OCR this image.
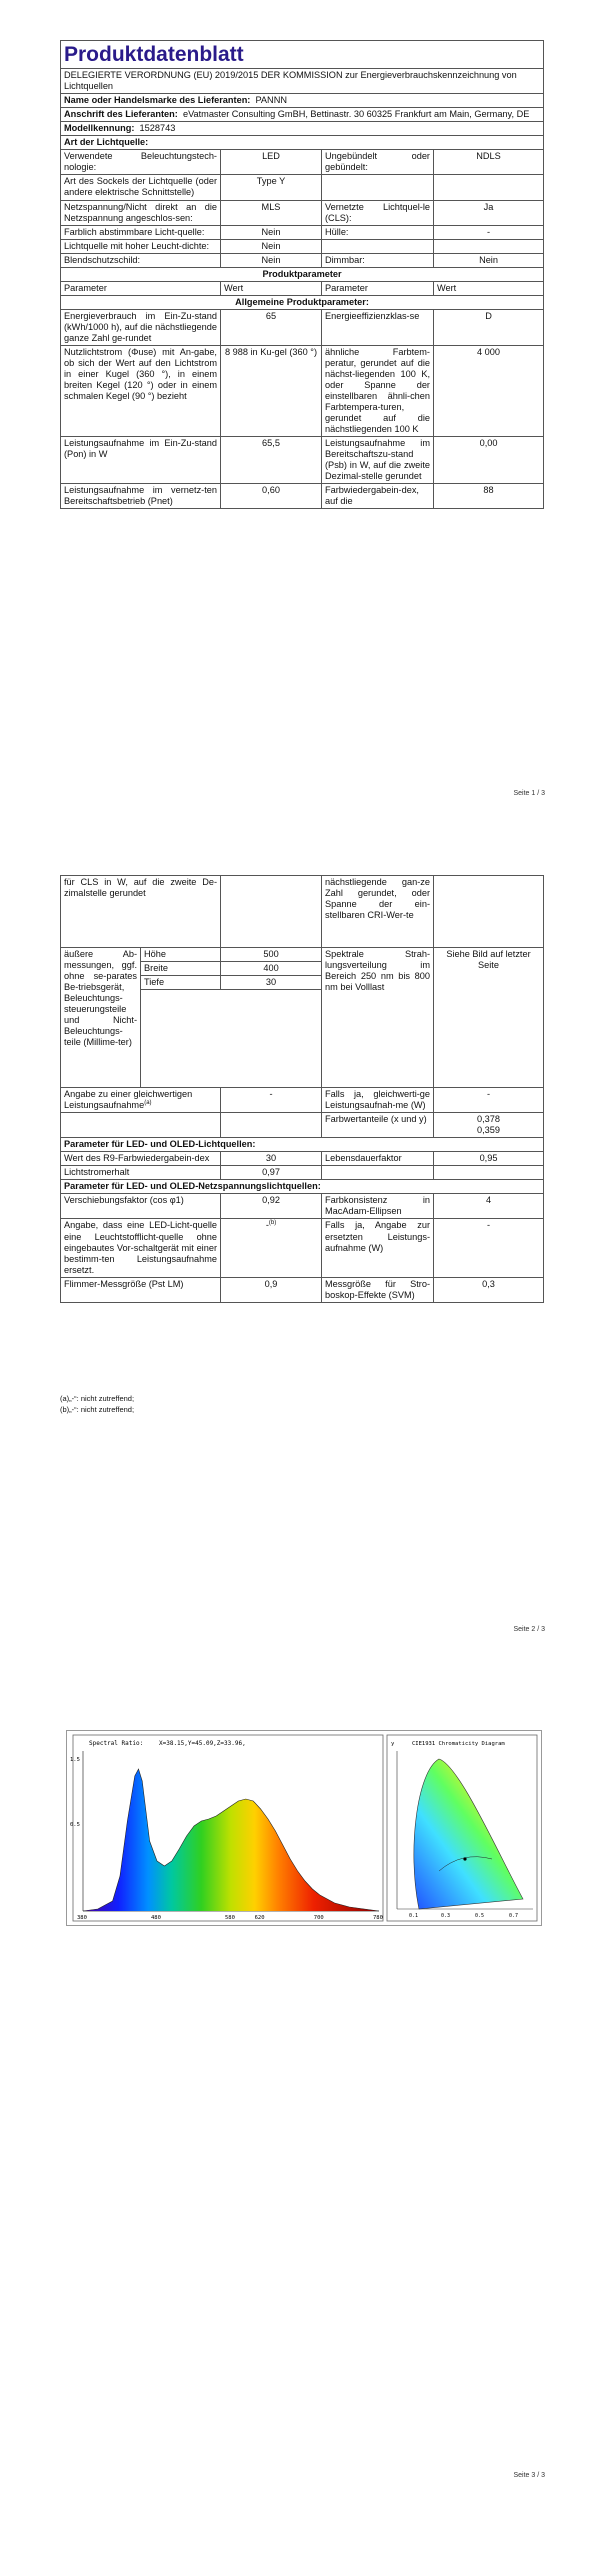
Produktdatenblatt			
DELEGIERTE VERORDNUNG (EU) 2019/2015 DER KOMMISSION zur Energieverbrauchskennzeichnung von Lichtquellen			
Name oder Handelsmarke des Lieferanten: PANNN			
Anschrift des Lieferanten: eVatmaster Consulting GmBH, Bettinastr. 30 60325 Frankfurt am Main, Germany, DE			
Modellkennung: 1528743			
Art der Lichtquelle:			
Verwendete Beleuchtungstech-nologie:	LED	Ungebündelt oder gebündelt:	NDLS
Art des Sockels der Lichtquelle (oder andere elektrische Schnittstelle)	Type Y		
Netzspannung/Nicht direkt an die Netzspannung angeschlos-sen:	MLS	Vernetzte Lichtquel-le (CLS):	Ja
Farblich abstimmbare Licht-quelle:	Nein	Hülle:	-
Lichtquelle mit hoher Leucht-dichte:	Nein		
Blendschutzschild:	Nein	Dimmbar:	Nein
Produktparameter			
Parameter	Wert	Parameter	Wert
Allgemeine Produktparameter:			
Energieverbrauch im Ein-Zu-stand (kWh/1000 h), auf die nächstliegende ganze Zahl ge-rundet	65	Energieeffizienzklas-se	D
Nutzlichtstrom (Φuse) mit An-gabe, ob sich der Wert auf den Lichtstrom in einer Kugel (360 °), in einem breiten Kegel (120 °) oder in einem schmalen Kegel (90 °) bezieht	8 988 in Ku-gel (360 °)	ähnliche Farbtem-peratur, gerundet auf die nächst-liegenden 100 K, oder Spanne der einstellbaren ähnli-chen Farbtempera-turen, gerundet auf die nächstliegenden 100 K	4 000
Leistungsaufnahme im Ein-Zu-stand (Pon) in W	65,5	Leistungsaufnahme im Bereitschaftszu-stand (Psb) in W, auf die zweite Dezimal-stelle gerundet	0,00
Leistungsaufnahme im vernetz-ten Bereitschaftsbetrieb (Pnet)	0,60	Farbwiedergabein-dex, auf die	88
Seite 1 / 3
für CLS in W, auf die zweite De-zimalstelle gerundet			nächstliegende gan-ze Zahl gerundet, oder Spanne der ein-stellbaren CRI-Wer-te	
äußere Ab-messungen, ggf. ohne se-parates Be-triebsgerät, Beleuchtungs-steuerungsteile und Nicht-Beleuchtungs-teile (Millime-ter)	Höhe	500	Spektrale Strah-lungsverteilung im Bereich 250 nm bis 800 nm bei Volllast	Siehe Bild auf letzter Seite
	Breite	400		
	Tiefe	30		

Angabe zu einer gleichwertigen Leistungsaufnahme$^{(a)}$		-	Falls ja, gleichwerti-ge Leistungsaufnah-me (W)	-
			Farbwertanteile (x und y)	0,378
0,359

Parameter für LED- und OLED-Lichtquellen:				
Wert des R9-Farbwiedergabein-dex		30	Lebensdauerfaktor	0,95
Lichtstromerhalt		0,97		
Parameter für LED- und OLED-Netzspannungslichtquellen:				
Verschiebungsfaktor (cos φ1)		0,92	Farbkonsistenz in MacAdam-Ellipsen	4
Angabe, dass eine LED-Licht-quelle eine Leuchtstofflicht-quelle ohne eingebautes Vor-schaltgerät mit einer bestimm-ten Leistungsaufnahme ersetzt.		-$^{(b)}$	Falls ja, Angabe zur ersetzten Leistungs-aufnahme (W)	-
Flimmer-Messgröße (Pst LM)		0,9	Messgröße für Stro-boskop-Effekte (SVM)	0,3
(a)„-“: nicht zutreffend;
(b)„-“: nicht zutreffend;
Seite 2 / 3
Seite 3 / 3
Spectral Ratio:	X=38.15,Y=45.09,Z=33.96,
1.5
0.5
380	480	580	620	700	780
CIE1931 Chromaticity Diagram
y
0.1	0.3	0.5	0.7
